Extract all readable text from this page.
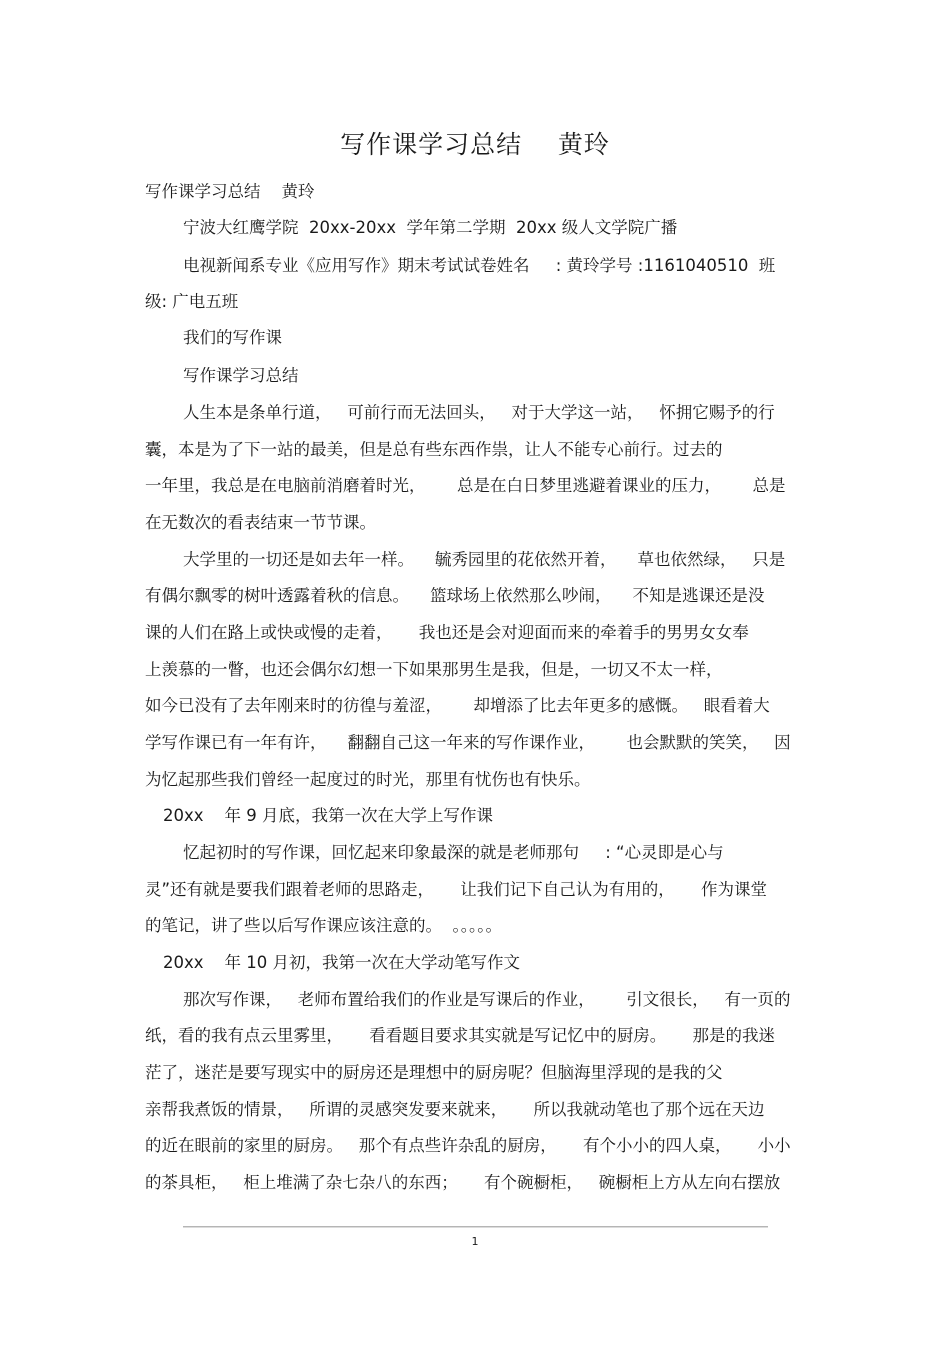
写作课学习总结    黄玲
写作课学习总结    黄玲
宁波大红鹰学院  20xx-20xx  学年第二学期  20xx 级人文学院广播
电视新闻系专业《应用写作》期末考试试卷姓名     : 黄玲学号 :1161040510  班
级: 广电五班
我们的写作课
写作课学习总结
人生本是条单行道，   可前行而无法回头，   对于大学这一站，   怀拥它赐予的行
囊，本是为了下一站的最美，但是总有些东西作祟，让人不能专心前行。过去的
一年里，我总是在电脑前消磨着时光，      总是在白日梦里逃避着课业的压力，      总是
在无数次的看表结束一节节课。
大学里的一切还是如去年一样。    毓秀园里的花依然开着，    草也依然绿，   只是
有偶尔飘零的树叶透露着秋的信息。    篮球场上依然那么吵闹，    不知是逃课还是没
课的人们在路上或快或慢的走着，     我也还是会对迎面而来的牵着手的男男女女奉
上羡慕的一瞥，也还会偶尔幻想一下如果那男生是我，但是，一切又不太一样，
如今已没有了去年刚来时的彷徨与羞涩，      却增添了比去年更多的感慨。   眼看着大
学写作课已有一年有许，    翻翻自己这一年来的写作课作业，      也会默默的笑笑，   因
为忆起那些我们曾经一起度过的时光，那里有忧伤也有快乐。
20xx    年 9 月底，我第一次在大学上写作课
忆起初时的写作课，回忆起来印象最深的就是老师那句     : “心灵即是心与
灵”还有就是要我们跟着老师的思路走，     让我们记下自己认为有用的，     作为课堂
的笔记，讲了些以后写作课应该注意的。  。。。。。
20xx    年 10 月初，我第一次在大学动笔写作文
那次写作课，   老师布置给我们的作业是写课后的作业，      引文很长，   有一页的
纸，看的我有点云里雾里，     看看题目要求其实就是写记忆中的厨房。     那是的我迷
茫了，迷茫是要写现实中的厨房还是理想中的厨房呢？但脑海里浮现的是我的父
亲帮我煮饭的情景，   所谓的灵感突发要来就来，     所以我就动笔也了那个远在天边
的近在眼前的家里的厨房。   那个有点些许杂乱的厨房，     有个小小的四人桌，     小小
的茶具柜，   柜上堆满了杂七杂八的东西；     有个碗橱柜，   碗橱柜上方从左向右摆放
1
